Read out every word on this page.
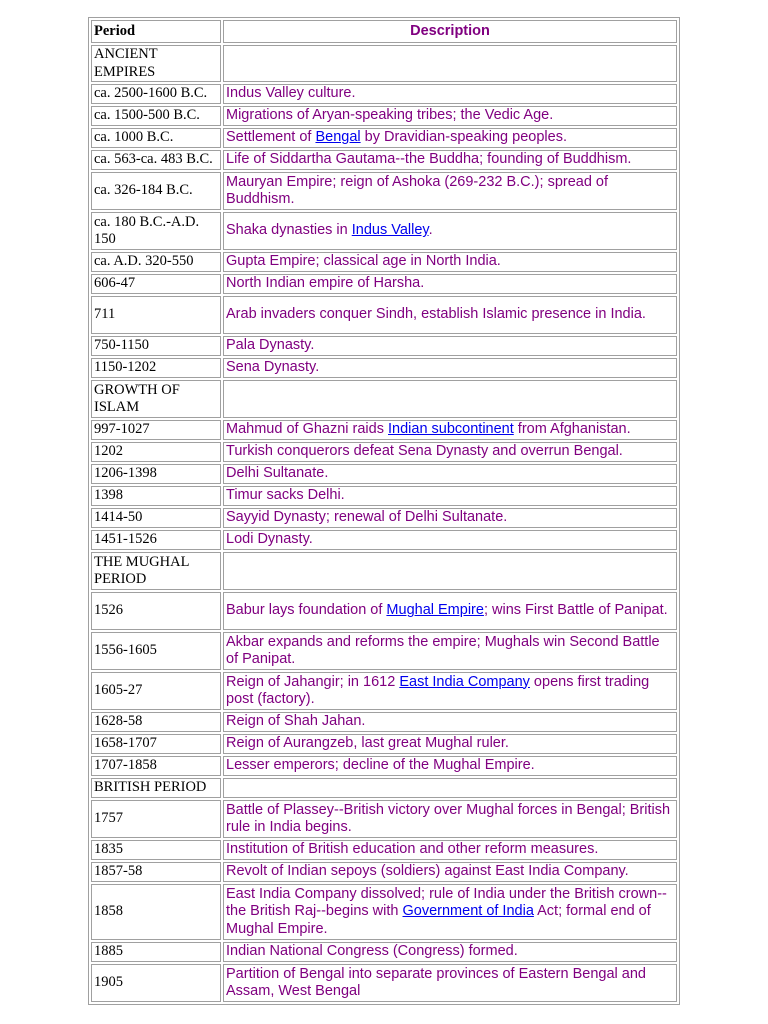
Period	Description
ANCIENT EMPIRES	
ca. 2500-1600 B.C.	Indus Valley culture.
ca. 1500-500 B.C.	Migrations of Aryan-speaking tribes; the Vedic Age.
ca. 1000 B.C.	Settlement of Bengal by Dravidian-speaking peoples.
ca. 563-ca. 483 B.C.	Life of Siddartha Gautama--the Buddha; founding of Buddhism.
ca. 326-184 B.C.	Mauryan Empire; reign of Ashoka (269-232 B.C.); spread of Buddhism.
ca. 180 B.C.-A.D. 150	Shaka dynasties in Indus Valley.
ca. A.D. 320-550	Gupta Empire; classical age in North India.
606-47	North Indian empire of Harsha.
711	Arab invaders conquer Sindh, establish Islamic presence in India.
750-1150	Pala Dynasty.
1150-1202	Sena Dynasty.
GROWTH OF ISLAM	
997-1027	Mahmud of Ghazni raids Indian subcontinent from Afghanistan.
1202	Turkish conquerors defeat Sena Dynasty and overrun Bengal.
1206-1398	Delhi Sultanate.
1398	Timur sacks Delhi.
1414-50	Sayyid Dynasty; renewal of Delhi Sultanate.
1451-1526	Lodi Dynasty.
THE MUGHAL PERIOD	
1526	Babur lays foundation of Mughal Empire; wins First Battle of Panipat.
1556-1605	Akbar expands and reforms the empire; Mughals win Second Battle of Panipat.
1605-27	Reign of Jahangir; in 1612 East India Company opens first trading post (factory).
1628-58	Reign of Shah Jahan.
1658-1707	Reign of Aurangzeb, last great Mughal ruler.
1707-1858	Lesser emperors; decline of the Mughal Empire.
BRITISH PERIOD	
1757	Battle of Plassey--British victory over Mughal forces in Bengal; British rule in India begins.
1835	Institution of British education and other reform measures.
1857-58	Revolt of Indian sepoys (soldiers) against East India Company.
1858	East India Company dissolved; rule of India under the British crown--the British Raj--begins with Government of India Act; formal end of Mughal Empire.
1885	Indian National Congress (Congress) formed.
1905	Partition of Bengal into separate provinces of Eastern Bengal and Assam, West Bengal
